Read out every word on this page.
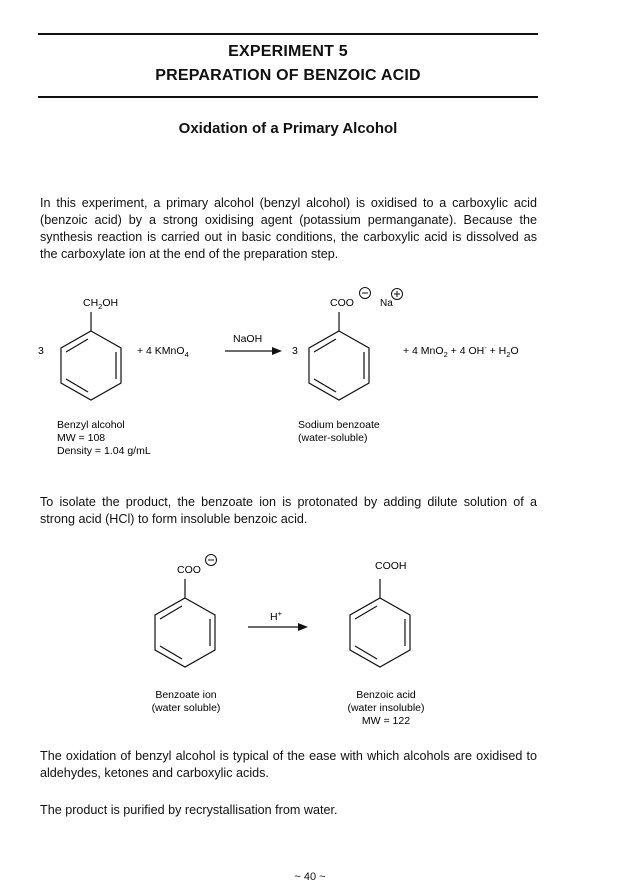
EXPERIMENT 5
PREPARATION OF BENZOIC ACID
Oxidation of a Primary Alcohol
In this experiment, a primary alcohol (benzyl alcohol) is oxidised to a carboxylic acid (benzoic acid) by a strong oxidising agent (potassium permanganate). Because the synthesis reaction is carried out in basic conditions, the carboxylic acid is dissolved as the carboxylate ion at the end of the preparation step.
3
$CH_2OH$
+ 4 KMnO$_4$
NaOH
3
COO	Na
+ 4 MnO$_2$ + 4 $OH^- + H_2O$
Benzyl alcohol
MW = 108
Density = 1.04 g/mL
Sodium benzoate
(water-soluble)
To isolate the product, the benzoate ion is protonated by adding dilute solution of a strong acid (HCl) to form insoluble benzoic acid.
COO
H+
COOH
Benzoate ion
(water soluble)
Benzoic acid
(water insoluble)
MW = 122
The oxidation of benzyl alcohol is typical of the ease with which alcohols are oxidised to aldehydes, ketones and carboxylic acids.
The product is purified by recrystallisation from water.
~ 40 ~
